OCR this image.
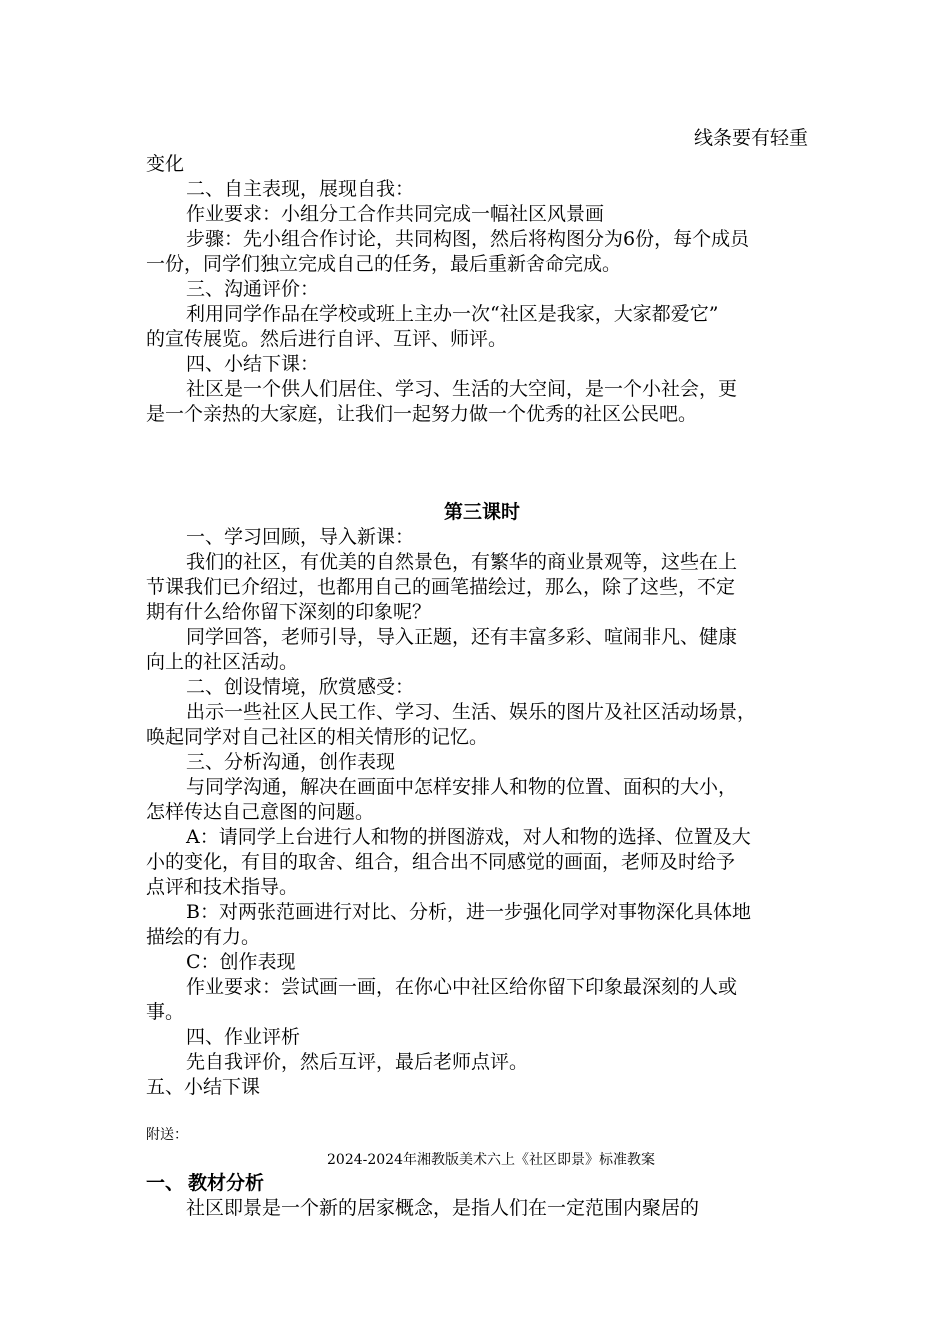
线条要有轻重
变化
二、自主表现，展现自我：
作业要求：小组分工合作共同完成一幅社区风景画
步骤：先小组合作讨论，共同构图，然后将构图分为6份，每个成员
一份，同学们独立完成自己的任务，最后重新舍命完成。
三、沟通评价：
利用同学作品在学校或班上主办一次“社区是我家，大家都爱它”
的宣传展览。然后进行自评、互评、师评。
四、小结下课：
社区是一个供人们居住、学习、生活的大空间，是一个小社会，更
是一个亲热的大家庭，让我们一起努力做一个优秀的社区公民吧。
第三课时
一、学习回顾，导入新课：
我们的社区，有优美的自然景色，有繁华的商业景观等，这些在上
节课我们已介绍过，也都用自己的画笔描绘过，那么，除了这些，不定
期有什么给你留下深刻的印象呢？
同学回答，老师引导，导入正题，还有丰富多彩、喧闹非凡、健康
向上的社区活动。
二、创设情境，欣赏感受：
出示一些社区人民工作、学习、生活、娱乐的图片及社区活动场景，
唤起同学对自己社区的相关情形的记忆。
三、分析沟通，创作表现
与同学沟通，解决在画面中怎样安排人和物的位置、面积的大小，
怎样传达自己意图的问题。
A：请同学上台进行人和物的拼图游戏，对人和物的选择、位置及大
小的变化，有目的取舍、组合，组合出不同感觉的画面，老师及时给予
点评和技术指导。
B：对两张范画进行对比、分析，进一步强化同学对事物深化具体地
描绘的有力。
C：创作表现
作业要求：尝试画一画，在你心中社区给你留下印象最深刻的人或
事。
四、作业评析
先自我评价，然后互评，最后老师点评。
五、小结下课
附送：
2024-2024年湘教版美术六上《社区即景》标准教案
一、 教材分析
社区即景是一个新的居家概念，是指人们在一定范围内聚居的
